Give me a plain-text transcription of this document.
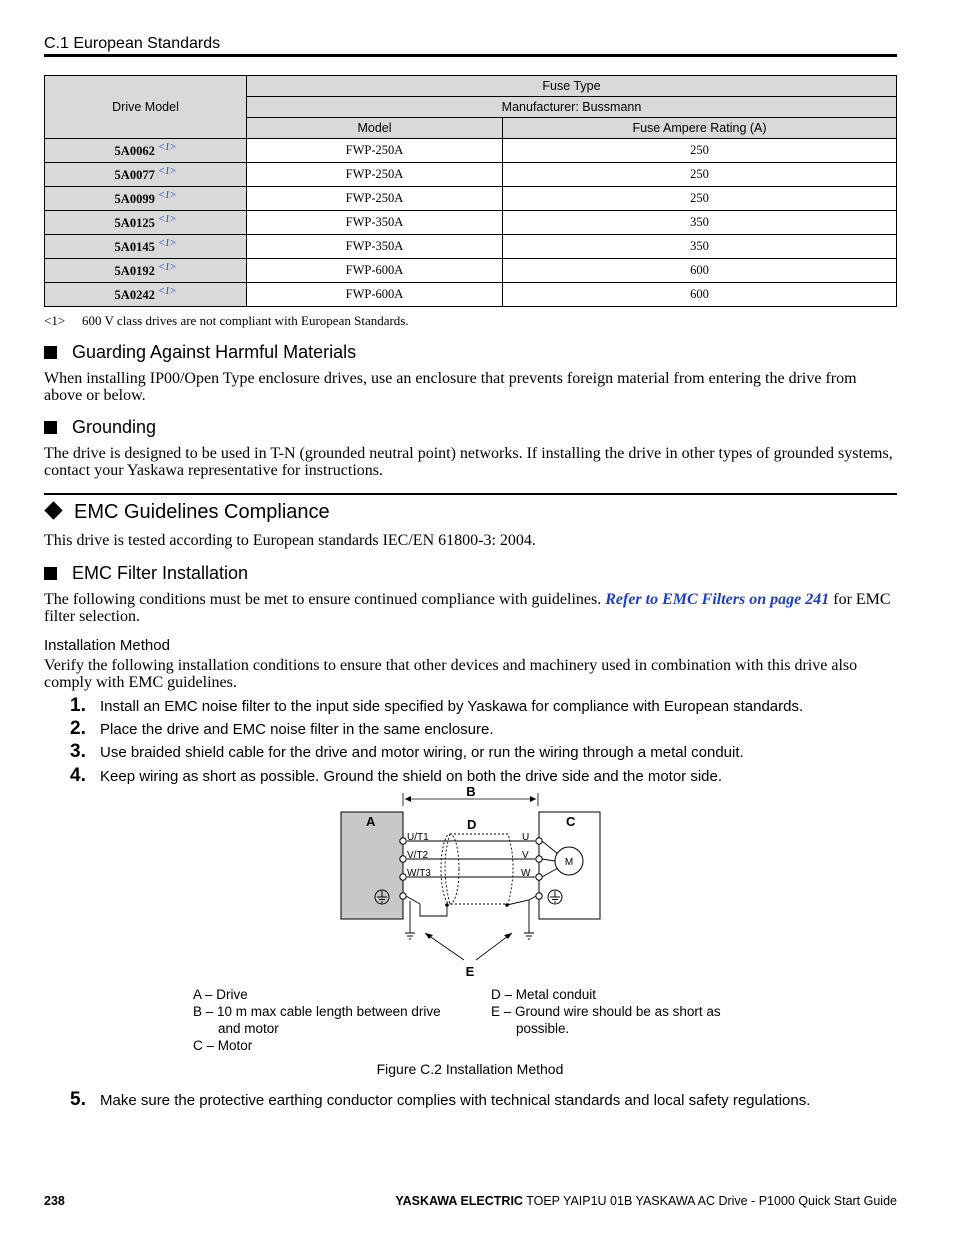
C.1 European Standards
Drive Model	Fuse Type	
	Manufacturer: Bussmann	
	Model	Fuse Ampere Rating (A)
5A0062 $^{<1>}$	FWP-250A	250
5A0077 $^{<1>}$	FWP-250A	250
5A0099 $^{<1>}$	FWP-250A	250
5A0125 $^{<1>}$	FWP-350A	350
5A0145 $^{<1>}$	FWP-350A	350
5A0192 $^{<1>}$	FWP-600A	600
5A0242 $^{<1>}$	FWP-600A	600
<1> 600 V class drives are not compliant with European Standards.
Guarding Against Harmful Materials
When installing IP00/Open Type enclosure drives, use an enclosure that prevents foreign material from entering the drive from above or below.
Grounding
The drive is designed to be used in T-N (grounded neutral point) networks. If installing the drive in other types of grounded systems, contact your Yaskawa representative for instructions.
EMC Guidelines Compliance
This drive is tested according to European standards IEC/EN 61800-3: 2004.
EMC Filter Installation
The following conditions must be met to ensure continued compliance with guidelines. Refer to EMC Filters on page 241 for EMC filter selection.
Installation Method
Verify the following installation conditions to ensure that other devices and machinery used in combination with this drive also comply with EMC guidelines.
1. Install an EMC noise filter to the input side specified by Yaskawa for compliance with European standards.
2. Place the drive and EMC noise filter in the same enclosure.
3. Use braided shield cable for the drive and motor wiring, or run the wiring through a metal conduit.
4. Keep wiring as short as possible. Ground the shield on both the drive side and the motor side.
B
A	C
D
U/T1
V/T2
W/T3
U
V
W
M
E
A – Drive
B – 10 m max cable length between drive
and motor
C – Motor
D – Metal conduit
E – Ground wire should be as short as
possible.
Figure C.2 Installation Method
5. Make sure the protective earthing conductor complies with technical standards and local safety regulations.
238	YASKAWA ELECTRIC TOEP YAIP1U 01B YASKAWA AC Drive - P1000 Quick Start Guide
